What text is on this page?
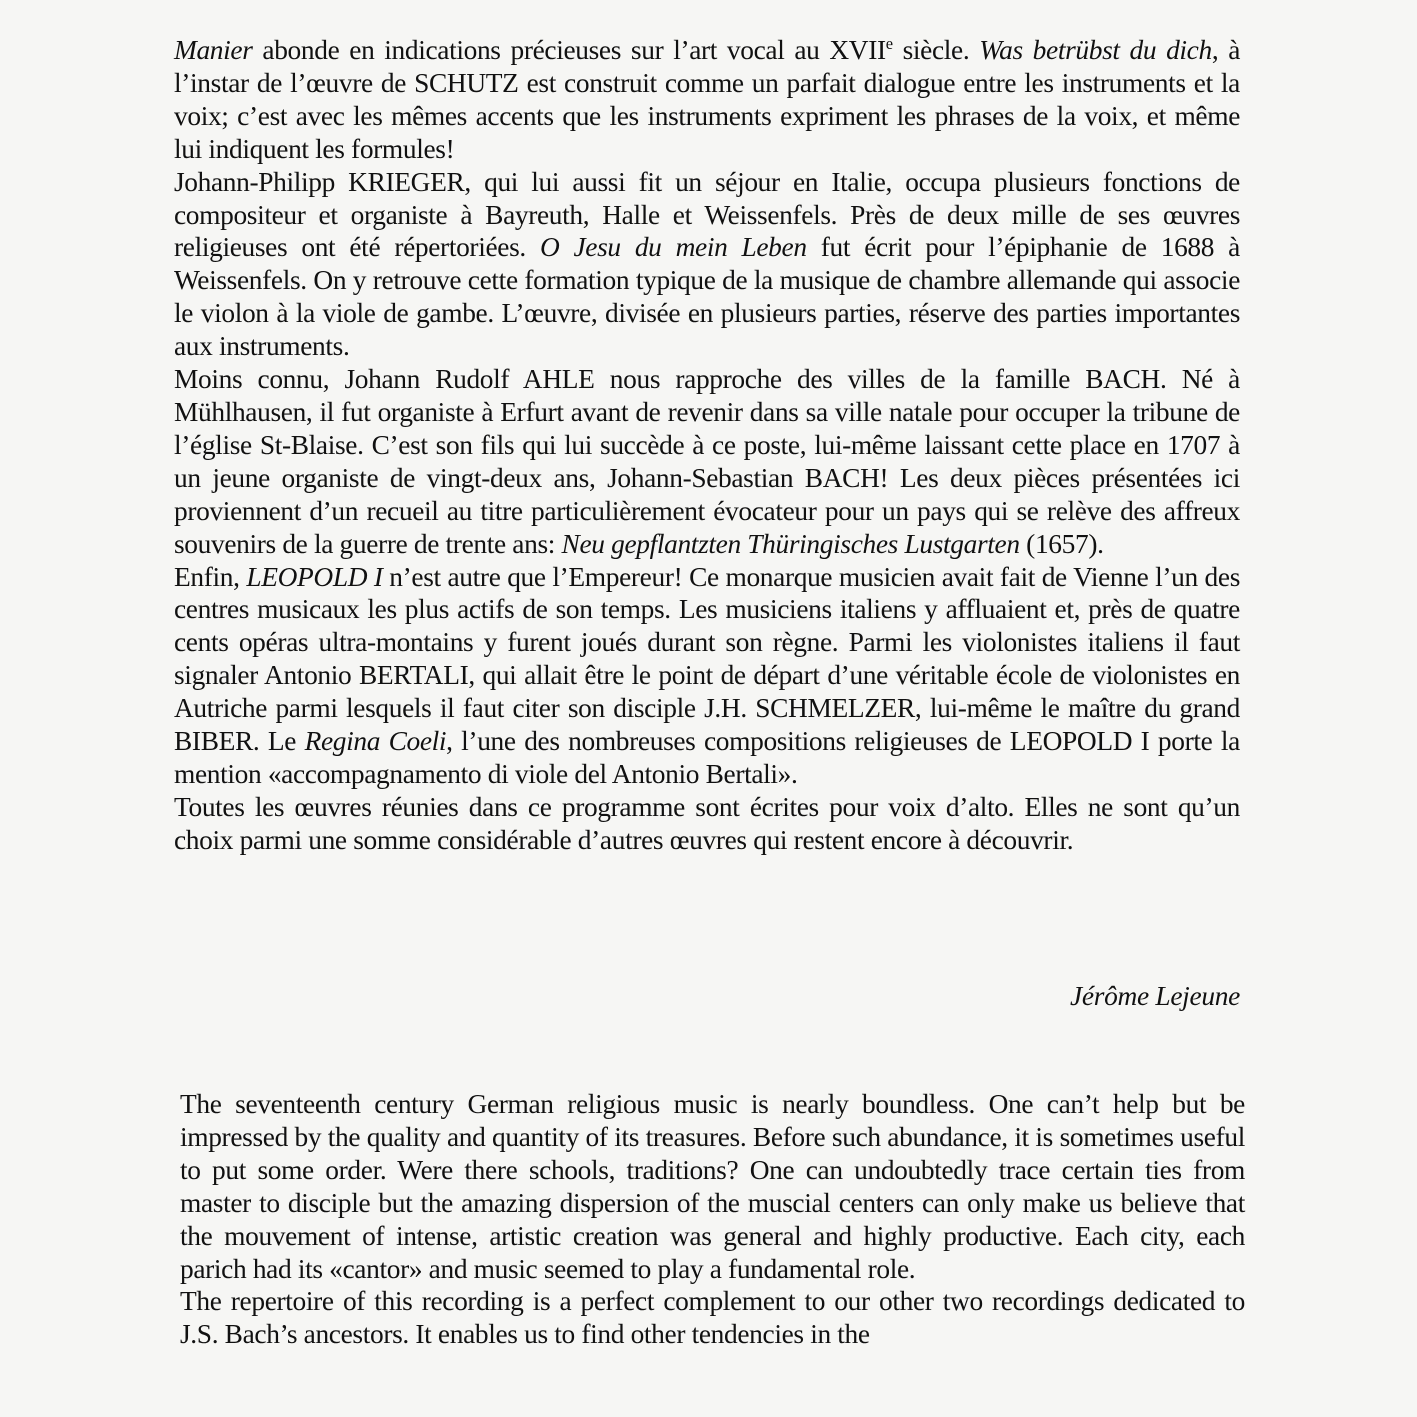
Manier abonde en indications précieuses sur l’art vocal au XVIIe siècle. Was betrübst du dich, à l’instar de l’œuvre de SCHUTZ est construit comme un parfait dialogue entre les instruments et la voix; c’est avec les mêmes accents que les instruments expriment les phrases de la voix, et même lui indiquent les formules!

Johann-Philipp KRIEGER, qui lui aussi fit un séjour en Italie, occupa plusieurs fonctions de compositeur et organiste à Bayreuth, Halle et Weissenfels. Près de deux mille de ses œuvres religieuses ont été répertoriées. O Jesu du mein Leben fut écrit pour l’épiphanie de 1688 à Weissenfels. On y retrouve cette formation typique de la musique de chambre allemande qui associe le violon à la viole de gambe. L’œuvre, divisée en plusieurs parties, réserve des parties importantes aux instruments.

Moins connu, Johann Rudolf AHLE nous rapproche des villes de la famille BACH. Né à Mühlhausen, il fut organiste à Erfurt avant de revenir dans sa ville natale pour occuper la tribune de l’église St-Blaise. C’est son fils qui lui succède à ce poste, lui-même laissant cette place en 1707 à un jeune organiste de vingt-deux ans, Johann-Sebastian BACH! Les deux pièces présentées ici proviennent d’un recueil au titre particulièrement évocateur pour un pays qui se relève des affreux souvenirs de la guerre de trente ans: Neu gepflantzten Thüringisches Lustgarten (1657).

Enfin, LEOPOLD I n’est autre que l’Empereur! Ce monarque musicien avait fait de Vienne l’un des centres musicaux les plus actifs de son temps. Les musiciens italiens y affluaient et, près de quatre cents opéras ultra-montains y furent joués durant son règne. Parmi les violonistes italiens il faut signaler Antonio BERTALI, qui allait être le point de départ d’une véritable école de violonistes en Autriche parmi lesquels il faut citer son disciple J.H. SCHMELZER, lui-même le maître du grand BIBER. Le Regina Coeli, l’une des nombreuses compositions religieuses de LEOPOLD I porte la mention «accompagnamento di viole del Antonio Bertali».

Toutes les œuvres réunies dans ce programme sont écrites pour voix d’alto. Elles ne sont qu’un choix parmi une somme considérable d’autres œuvres qui restent encore à découvrir.

Jérôme Lejeune

The seventeenth century German religious music is nearly boundless. One can’t help but be impressed by the quality and quantity of its treasures. Before such abundance, it is sometimes useful to put some order. Were there schools, traditions? One can undoubtedly trace certain ties from master to disciple but the amazing dispersion of the muscial centers can only make us believe that the mouvement of intense, artistic creation was general and highly productive. Each city, each parich had its «cantor» and music seemed to play a fundamental role.

The repertoire of this recording is a perfect complement to our other two recordings dedicated to J.S. Bach’s ancestors. It enables us to find other tendencies in the
